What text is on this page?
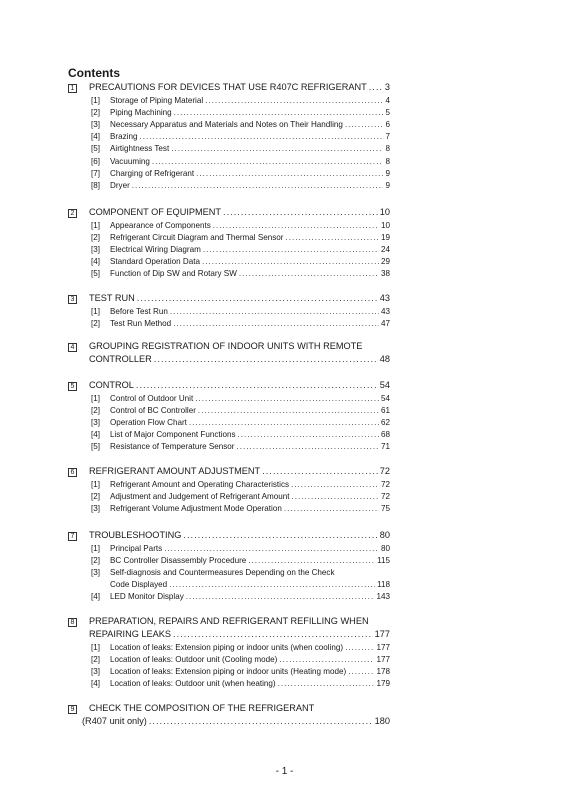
Contents
1 PRECAUTIONS FOR DEVICES THAT USE R407C REFRIGERANT ..... 3
[1]	Storage of Piping Material .....	4
[2]	Piping Machining .....	5
[3]	Necessary Apparatus and Materials and Notes on Their Handling .....	6
[4]	Brazing .....	7
[5]	Airtightness Test .....	8
[6]	Vacuuming .....	8
[7]	Charging of Refrigerant .....	9
[8]	Dryer .....	9
2 COMPONENT OF EQUIPMENT .....	10
[1]	Appearance of Components .....	10
[2]	Refrigerant Circuit Diagram and Thermal Sensor .....	19
[3]	Electrical Wiring Diagram .....	24
[4]	Standard Operation Data .....	29
[5]	Function of Dip SW and Rotary SW .....	38
3 TEST RUN .....	43
[1]	Before Test Run .....	43
[2]	Test Run Method .....	47
4 GROUPING REGISTRATION OF INDOOR UNITS WITH REMOTE
CONTROLLER .....	48
5 CONTROL .....	54
[1]	Control of Outdoor Unit .....	54
[2]	Control of BC Controller .....	61
[3]	Operation Flow Chart .....	62
[4]	List of Major Component Functions .....	68
[5]	Resistance of Temperature Sensor .....	71
6 REFRIGERANT AMOUNT ADJUSTMENT .....	72
[1]	Refrigerant Amount and Operating Characteristics .....	72
[2]	Adjustment and Judgement of Refrigerant Amount .....	72
[3]	Refrigerant Volume Adjustment Mode Operation .....	75
7 TROUBLESHOOTING .....	80
[1]	Principal Parts .....	80
[2]	BC Controller Disassembly Procedure .....	115
[3]	Self-diagnosis and Countermeasures Depending on the Check
Code Displayed .....	118
[4]	LED Monitor Display .....	143
8 PREPARATION, REPAIRS AND REFRIGERANT REFILLING WHEN
REPAIRING LEAKS .....	177
[1]	Location of leaks: Extension piping or indoor units (when cooling) .....	177
[2]	Location of leaks: Outdoor unit (Cooling mode) .....	177
[3]	Location of leaks: Extension piping or indoor units (Heating mode) .....	178
[4]	Location of leaks: Outdoor unit (when heating) .....	179
9 CHECK THE COMPOSITION OF THE REFRIGERANT
(R407 unit only) .....	180
- 1 -
